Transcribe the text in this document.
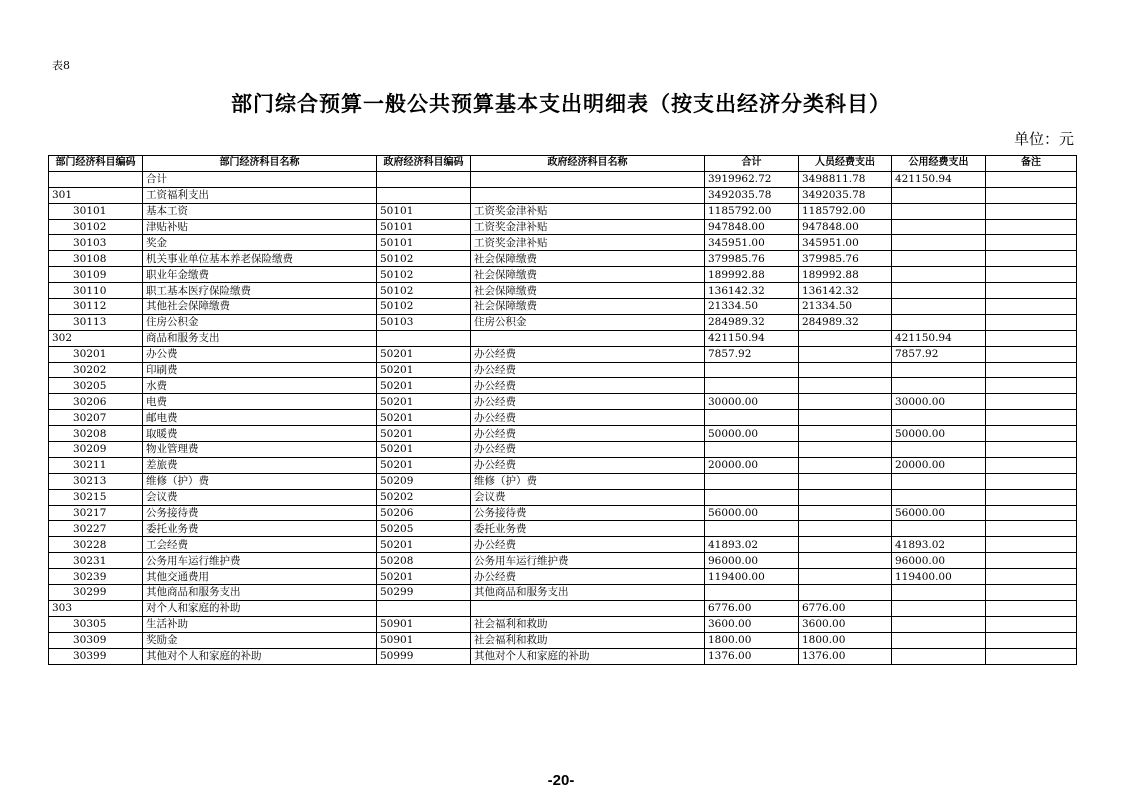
表8
部门综合预算一般公共预算基本支出明细表（按支出经济分类科目）
单位：元
部门经济科目编码	部门经济科目名称	政府经济科目编码	政府经济科目名称	合计	人员经费支出	公用经费支出	备注
	合计			3919962.72	3498811.78	421150.94	
301	工资福利支出			3492035.78	3492035.78		
30101	基本工资	50101	工资奖金津补贴	1185792.00	1185792.00		
30102	津贴补贴	50101	工资奖金津补贴	947848.00	947848.00		
30103	奖金	50101	工资奖金津补贴	345951.00	345951.00		
30108	机关事业单位基本养老保险缴费	50102	社会保障缴费	379985.76	379985.76		
30109	职业年金缴费	50102	社会保障缴费	189992.88	189992.88		
30110	职工基本医疗保险缴费	50102	社会保障缴费	136142.32	136142.32		
30112	其他社会保障缴费	50102	社会保障缴费	21334.50	21334.50		
30113	住房公积金	50103	住房公积金	284989.32	284989.32		
302	商品和服务支出			421150.94		421150.94	
30201	办公费	50201	办公经费	7857.92		7857.92	
30202	印刷费	50201	办公经费				
30205	水费	50201	办公经费				
30206	电费	50201	办公经费	30000.00		30000.00	
30207	邮电费	50201	办公经费				
30208	取暖费	50201	办公经费	50000.00		50000.00	
30209	物业管理费	50201	办公经费				
30211	差旅费	50201	办公经费	20000.00		20000.00	
30213	维修（护）费	50209	维修（护）费				
30215	会议费	50202	会议费				
30217	公务接待费	50206	公务接待费	56000.00		56000.00	
30227	委托业务费	50205	委托业务费				
30228	工会经费	50201	办公经费	41893.02		41893.02	
30231	公务用车运行维护费	50208	公务用车运行维护费	96000.00		96000.00	
30239	其他交通费用	50201	办公经费	119400.00		119400.00	
30299	其他商品和服务支出	50299	其他商品和服务支出				
303	对个人和家庭的补助			6776.00	6776.00		
30305	生活补助	50901	社会福利和救助	3600.00	3600.00		
30309	奖励金	50901	社会福利和救助	1800.00	1800.00		
30399	其他对个人和家庭的补助	50999	其他对个人和家庭的补助	1376.00	1376.00		
-20-
